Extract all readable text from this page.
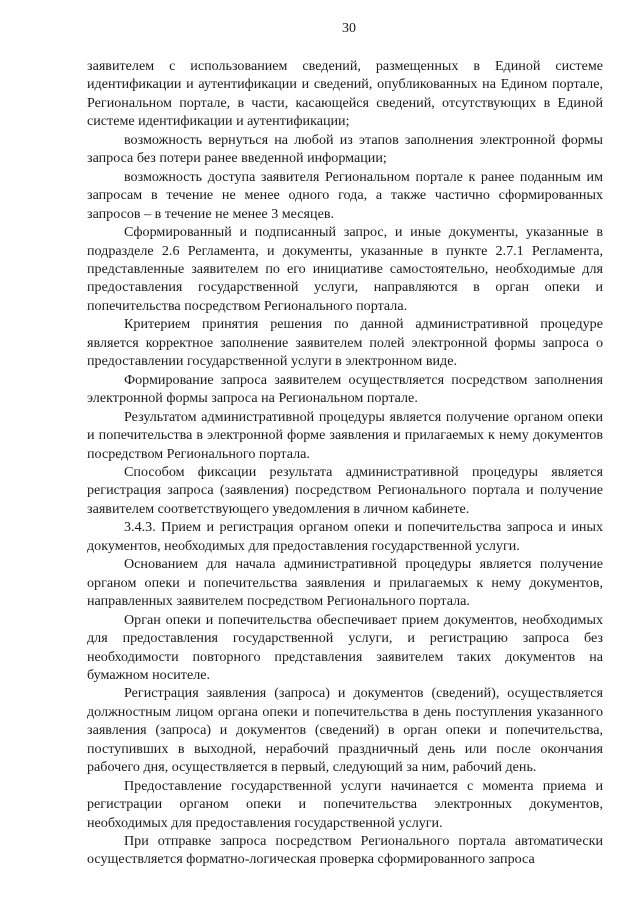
30

заявителем с использованием сведений, размещенных в Единой системе идентификации и аутентификации и сведений, опубликованных на Едином портале, Региональном портале, в части, касающейся сведений, отсутствующих в Единой системе идентификации и аутентификации;

возможность вернуться на любой из этапов заполнения электронной формы запроса без потери ранее введенной информации;

возможность доступа заявителя Региональном портале к ранее поданным им запросам в течение не менее одного года, а также частично сформированных запросов – в течение не менее 3 месяцев.

Сформированный и подписанный запрос, и иные документы, указанные в подразделе 2.6 Регламента, и документы, указанные в пункте 2.7.1 Регламента, представленные заявителем по его инициативе самостоятельно, необходимые для предоставления государственной услуги, направляются в орган опеки и попечительства посредством Регионального портала.

Критерием принятия решения по данной административной процедуре является корректное заполнение заявителем полей электронной формы запроса о предоставлении государственной услуги в электронном виде.

Формирование запроса заявителем осуществляется посредством заполнения электронной формы запроса на Региональном портале.

Результатом административной процедуры является получение органом опеки и попечительства в электронной форме заявления и прилагаемых к нему документов посредством Регионального портала.

Способом фиксации результата административной процедуры является регистрация запроса (заявления) посредством Регионального портала и получение заявителем соответствующего уведомления в личном кабинете.

3.4.3. Прием и регистрация органом опеки и попечительства запроса и иных документов, необходимых для предоставления государственной услуги.

Основанием для начала административной процедуры является получение органом опеки и попечительства заявления и прилагаемых к нему документов, направленных заявителем посредством Регионального портала.

Орган опеки и попечительства обеспечивает прием документов, необходимых для предоставления государственной услуги, и регистрацию запроса без необходимости повторного представления заявителем таких документов на бумажном носителе.

Регистрация заявления (запроса) и документов (сведений), осуществляется должностным лицом органа опеки и попечительства в день поступления указанного заявления (запроса) и документов (сведений) в орган опеки и попечительства, поступивших в выходной, нерабочий праздничный день или после окончания рабочего дня, осуществляется в первый, следующий за ним, рабочий день.

Предоставление государственной услуги начинается с момента приема и регистрации органом опеки и попечительства электронных документов, необходимых для предоставления государственной услуги.

При отправке запроса посредством Регионального портала автоматически осуществляется форматно-логическая проверка сформированного запроса
